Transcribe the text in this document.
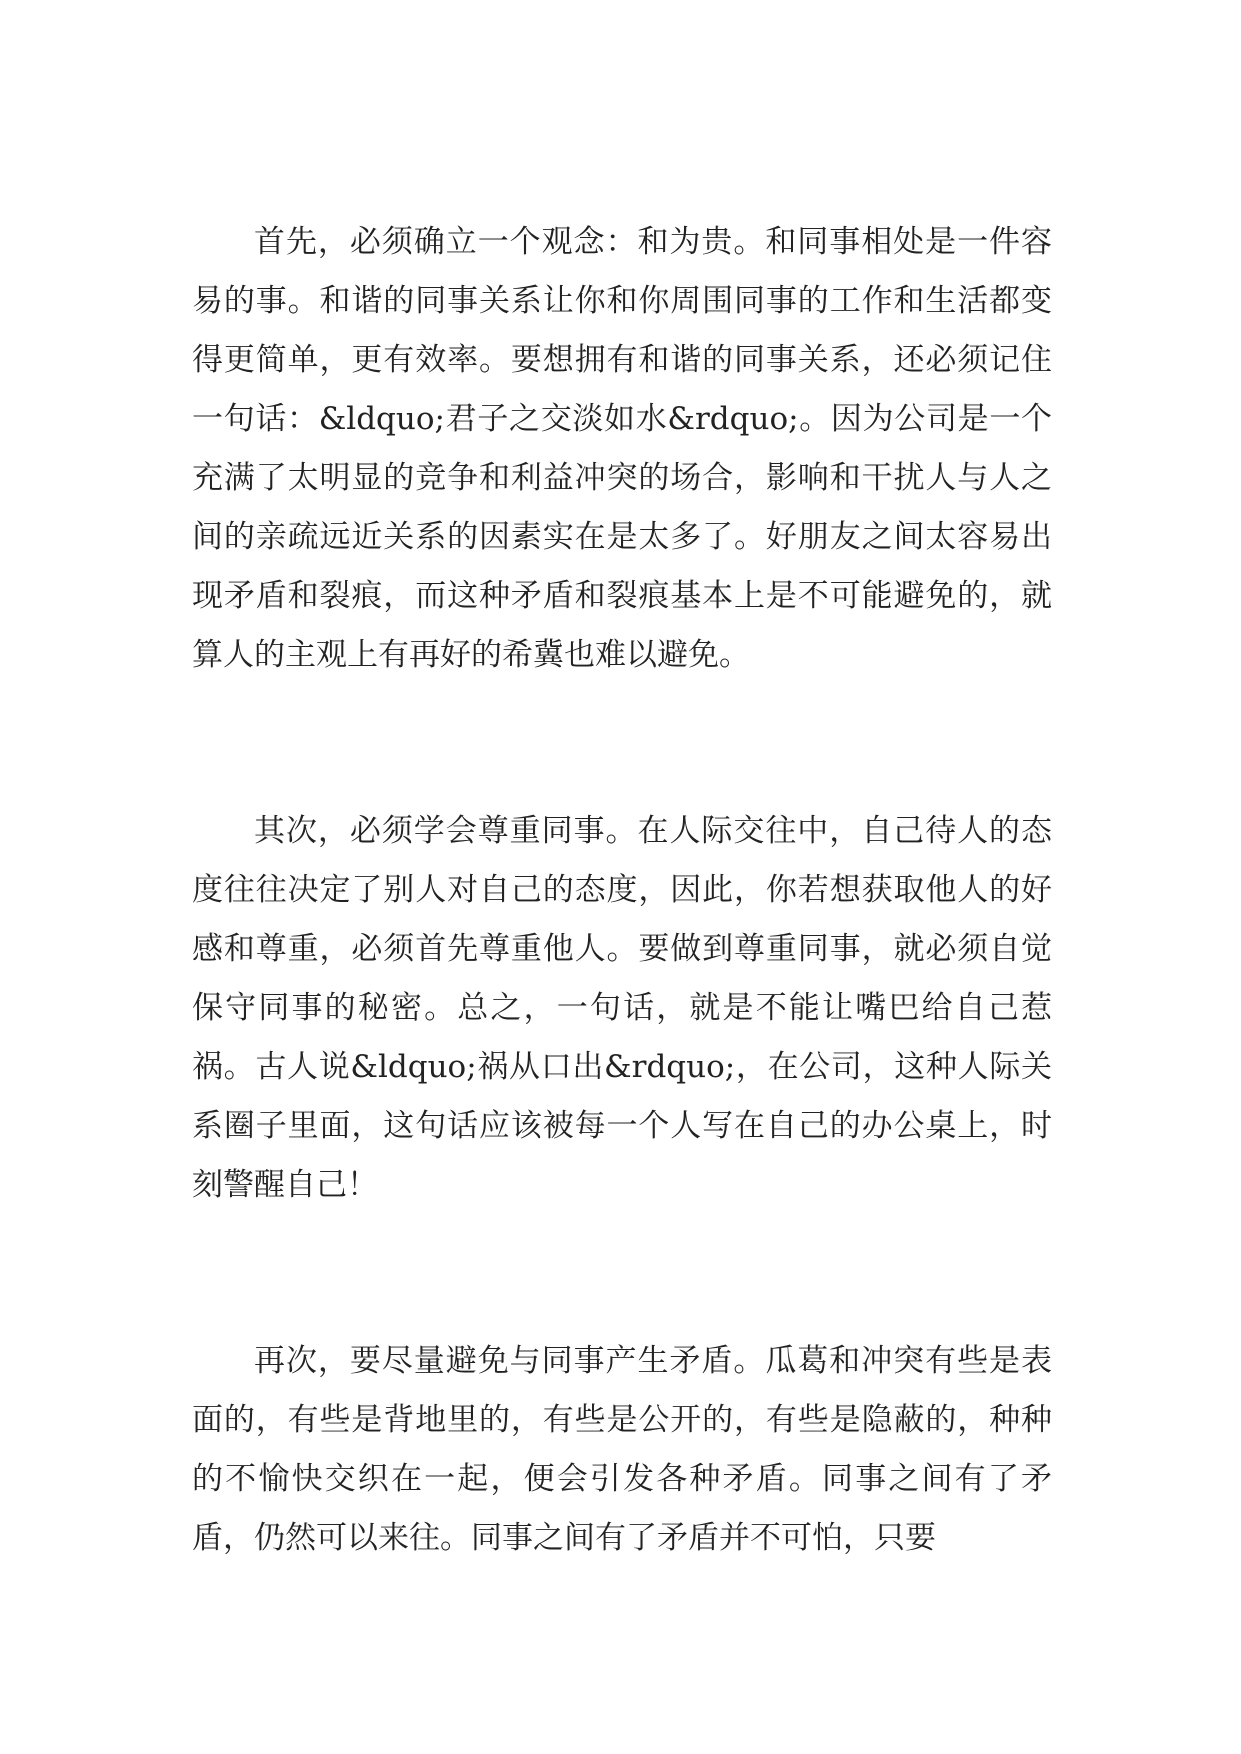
首先，必须确立一个观念：和为贵。和同事相处是一件容易的事。和谐的同事关系让你和你周围同事的工作和生活都变得更简单，更有效率。要想拥有和谐的同事关系，还必须记住一句话：&ldquo;君子之交淡如水&rdquo;。因为公司是一个充满了太明显的竞争和利益冲突的场合，影响和干扰人与人之间的亲疏远近关系的因素实在是太多了。好朋友之间太容易出现矛盾和裂痕，而这种矛盾和裂痕基本上是不可能避免的，就算人的主观上有再好的希冀也难以避免。

其次，必须学会尊重同事。在人际交往中，自己待人的态度往往决定了别人对自己的态度，因此，你若想获取他人的好感和尊重，必须首先尊重他人。要做到尊重同事，就必须自觉保守同事的秘密。总之，一句话，就是不能让嘴巴给自己惹祸。古人说&ldquo;祸从口出&rdquo;，在公司，这种人际关系圈子里面，这句话应该被每一个人写在自己的办公桌上，时刻警醒自己！

再次，要尽量避免与同事产生矛盾。瓜葛和冲突有些是表面的，有些是背地里的，有些是公开的，有些是隐蔽的，种种的不愉快交织在一起，便会引发各种矛盾。同事之间有了矛盾，仍然可以来往。同事之间有了矛盾并不可怕，只要
